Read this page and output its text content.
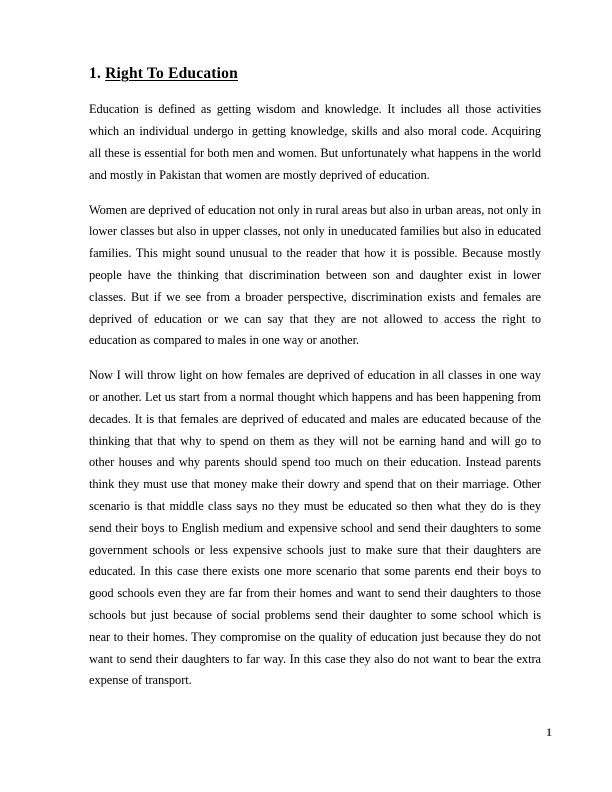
1. Right To Education

Education is defined as getting wisdom and knowledge. It includes all those activities which an individual undergo in getting knowledge, skills and also moral code. Acquiring all these is essential for both men and women. But unfortunately what happens in the world and mostly in Pakistan that women are mostly deprived of education.

Women are deprived of education not only in rural areas but also in urban areas, not only in lower classes but also in upper classes, not only in uneducated families but also in educated families. This might sound unusual to the reader that how it is possible. Because mostly people have the thinking that discrimination between son and daughter exist in lower classes. But if we see from a broader perspective, discrimination exists and females are deprived of education or we can say that they are not allowed to access the right to education as compared to males in one way or another.

Now I will throw light on how females are deprived of education in all classes in one way or another. Let us start from a normal thought which happens and has been happening from decades. It is that females are deprived of educated and males are educated because of the thinking that that why to spend on them as they will not be earning hand and will go to other houses and why parents should spend too much on their education. Instead parents think they must use that money make their dowry and spend that on their marriage. Other scenario is that middle class says no they must be educated so then what they do is they send their boys to English medium and expensive school and send their daughters to some government schools or less expensive schools just to make sure that their daughters are educated. In this case there exists one more scenario that some parents end their boys to good schools even they are far from their homes and want to send their daughters to those schools but just because of social problems send their daughter to some school which is near to their homes. They compromise on the quality of education just because they do not want to send their daughters to far way. In this case they also do not want to bear the extra expense of transport.

1
